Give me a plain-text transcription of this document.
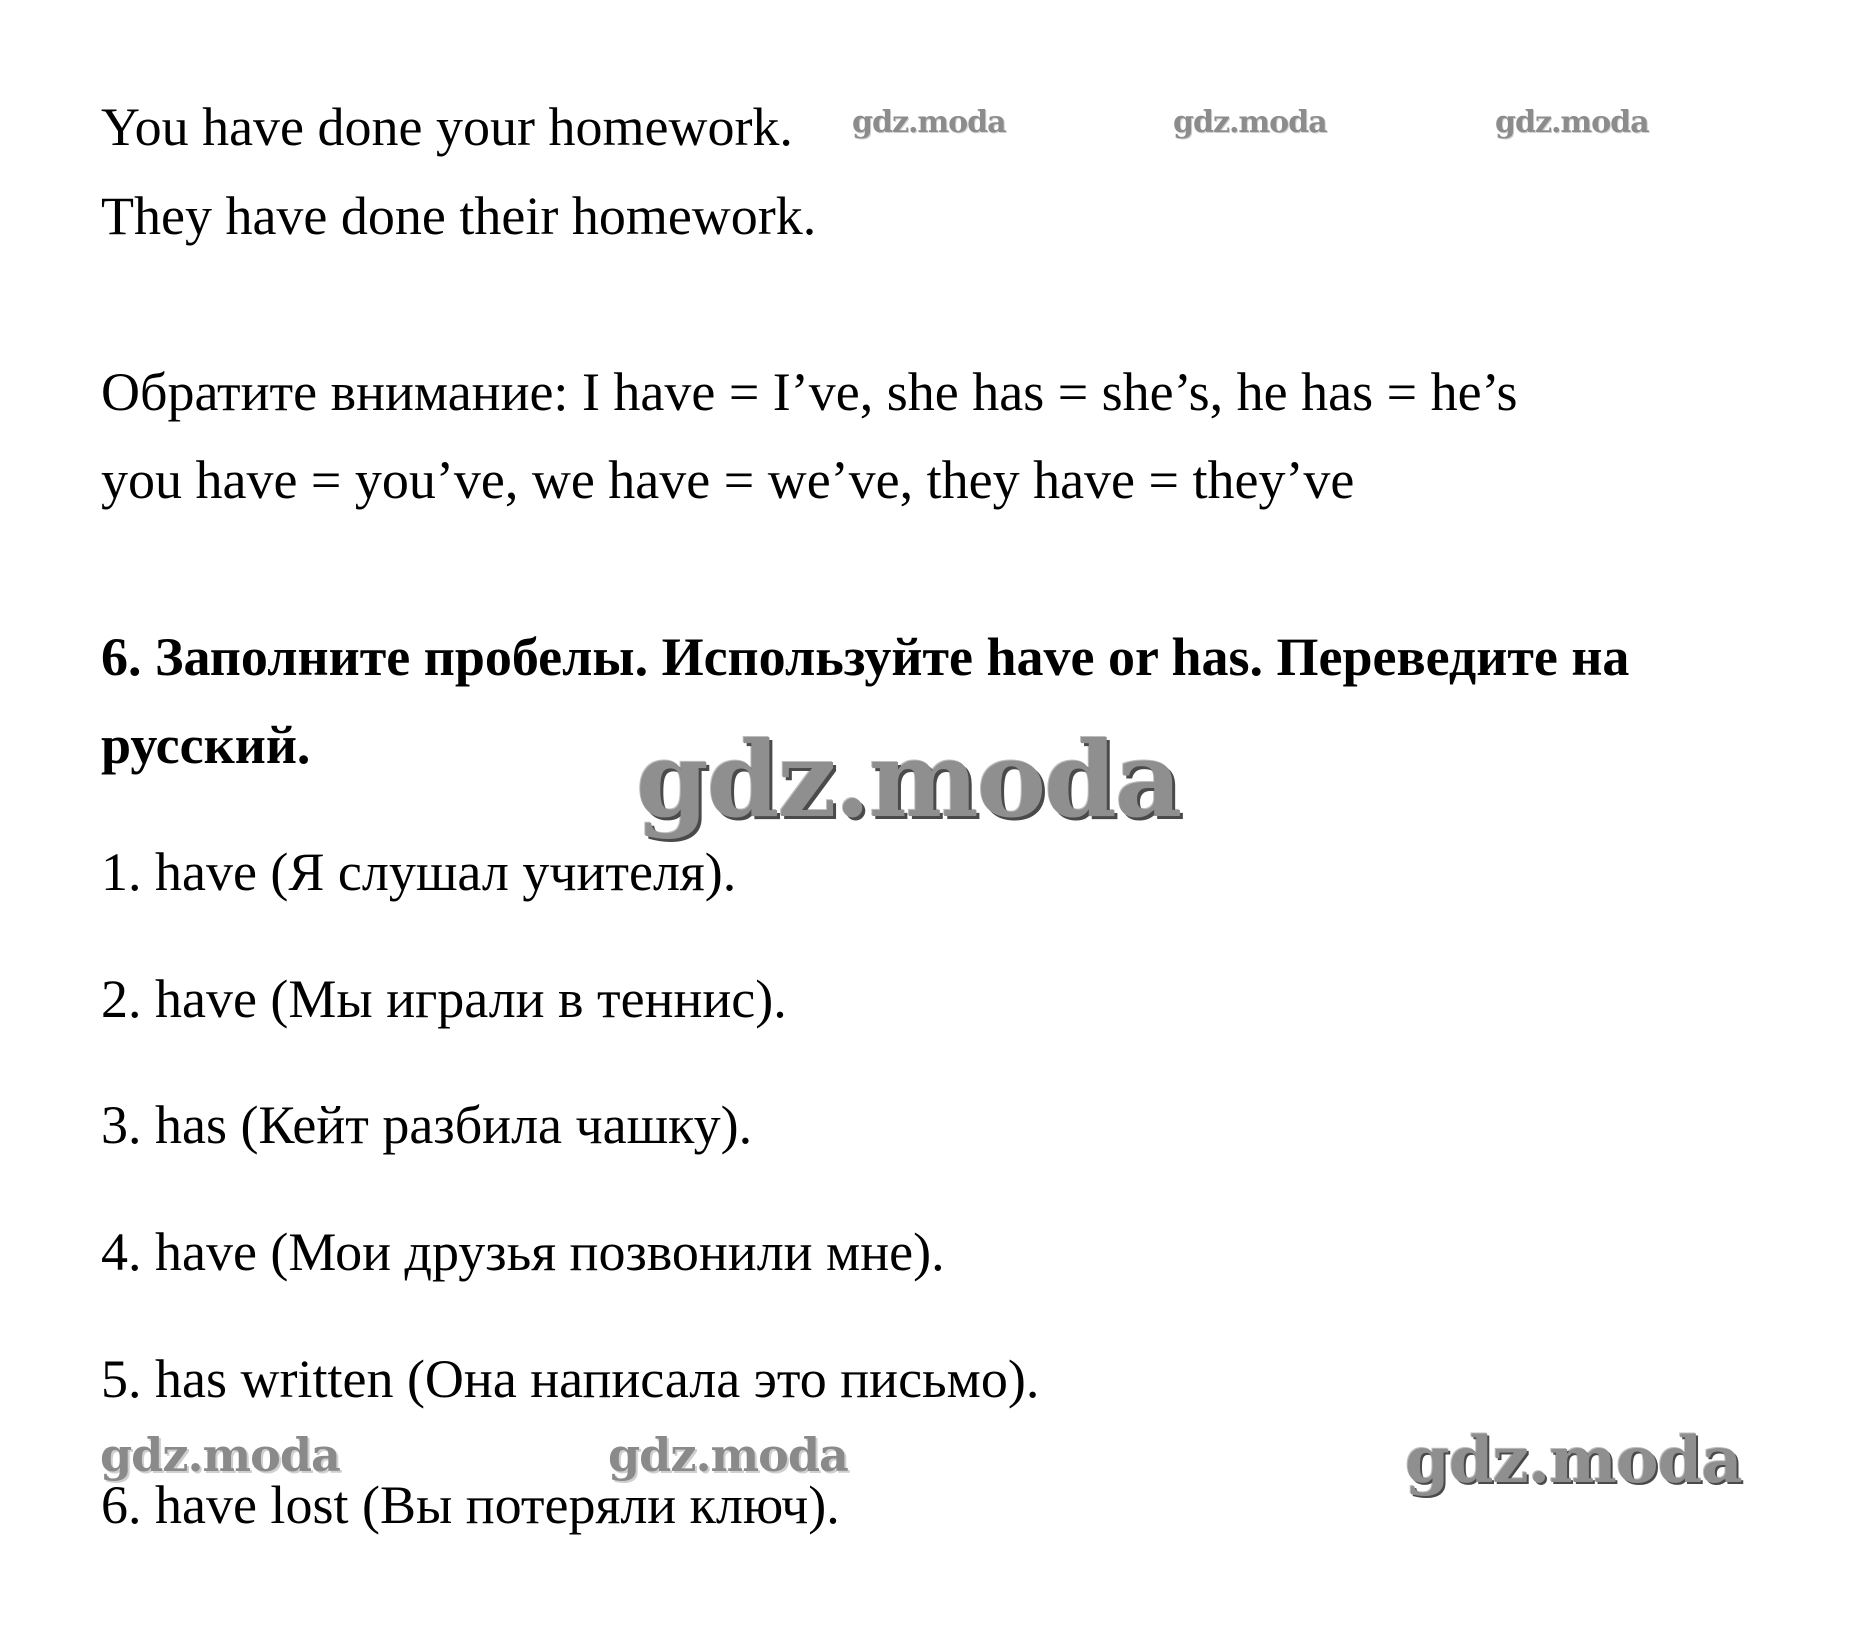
You have done your homework.
They have done their homework.
Обратите внимание: I have = I’ve, she has = she’s, he has = he’s
you have = you’ve, we have = we’ve, they have = they’ve
6. Заполните пробелы. Используйте have or has. Переведите на
русский.
1. have (Я слушал учителя).
2. have (Мы играли в теннис).
3. has (Кейт разбила чашку).
4. have (Мои друзья позвонили мне).
5. has written (Она написала это письмо).
6. have lost (Вы потеряли ключ).
gdz.moda	gdz.moda	gdz.moda
gdz.moda
gdz.moda	gdz.moda	gdz.moda
